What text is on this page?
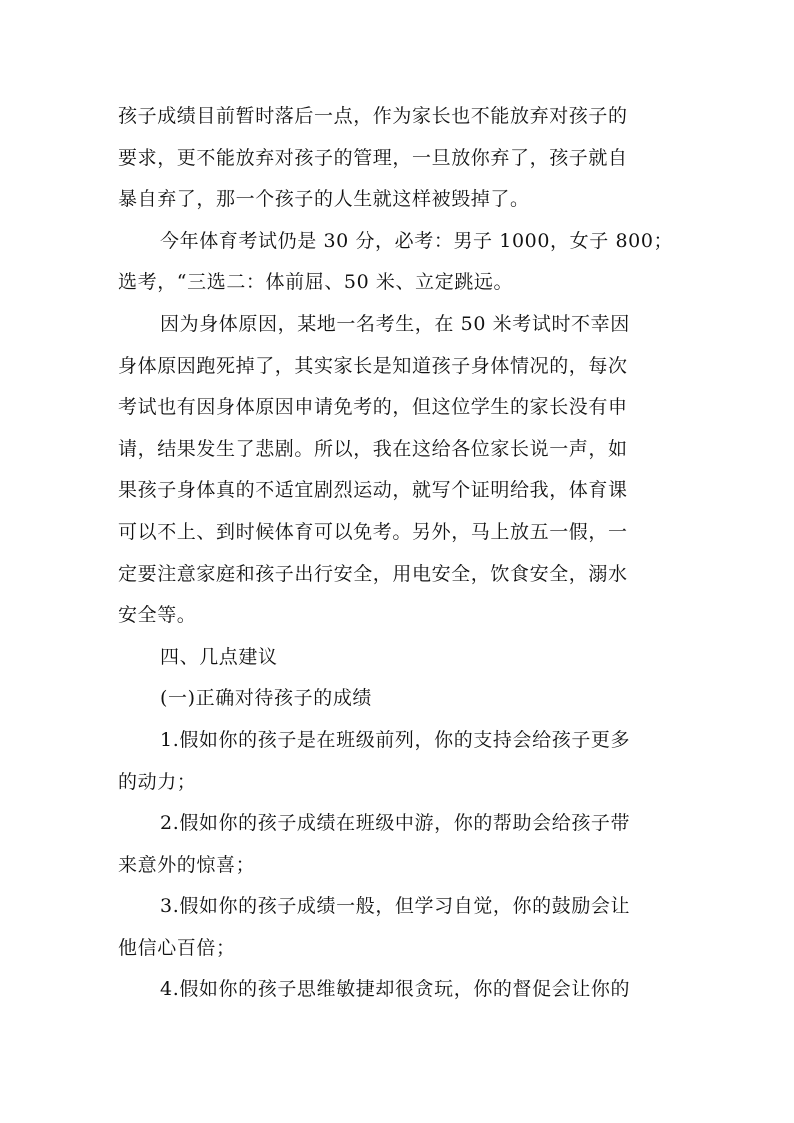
孩子成绩目前暂时落后一点，作为家长也不能放弃对孩子的
要求，更不能放弃对孩子的管理，一旦放你弃了，孩子就自
暴自弃了，那一个孩子的人生就这样被毁掉了。
今年体育考试仍是 30 分，必考：男子 1000，女子 800；
选考，“三选二：体前屈、50 米、立定跳远。
因为身体原因，某地一名考生，在 50 米考试时不幸因
身体原因跑死掉了，其实家长是知道孩子身体情况的，每次
考试也有因身体原因申请免考的，但这位学生的家长没有申
请，结果发生了悲剧。所以，我在这给各位家长说一声，如
果孩子身体真的不适宜剧烈运动，就写个证明给我，体育课
可以不上、到时候体育可以免考。另外，马上放五一假，一
定要注意家庭和孩子出行安全，用电安全，饮食安全，溺水
安全等。
四、几点建议
(一)正确对待孩子的成绩
1.假如你的孩子是在班级前列，你的支持会给孩子更多
的动力；
2.假如你的孩子成绩在班级中游，你的帮助会给孩子带
来意外的惊喜；
3.假如你的孩子成绩一般，但学习自觉，你的鼓励会让
他信心百倍；
4.假如你的孩子思维敏捷却很贪玩，你的督促会让你的
